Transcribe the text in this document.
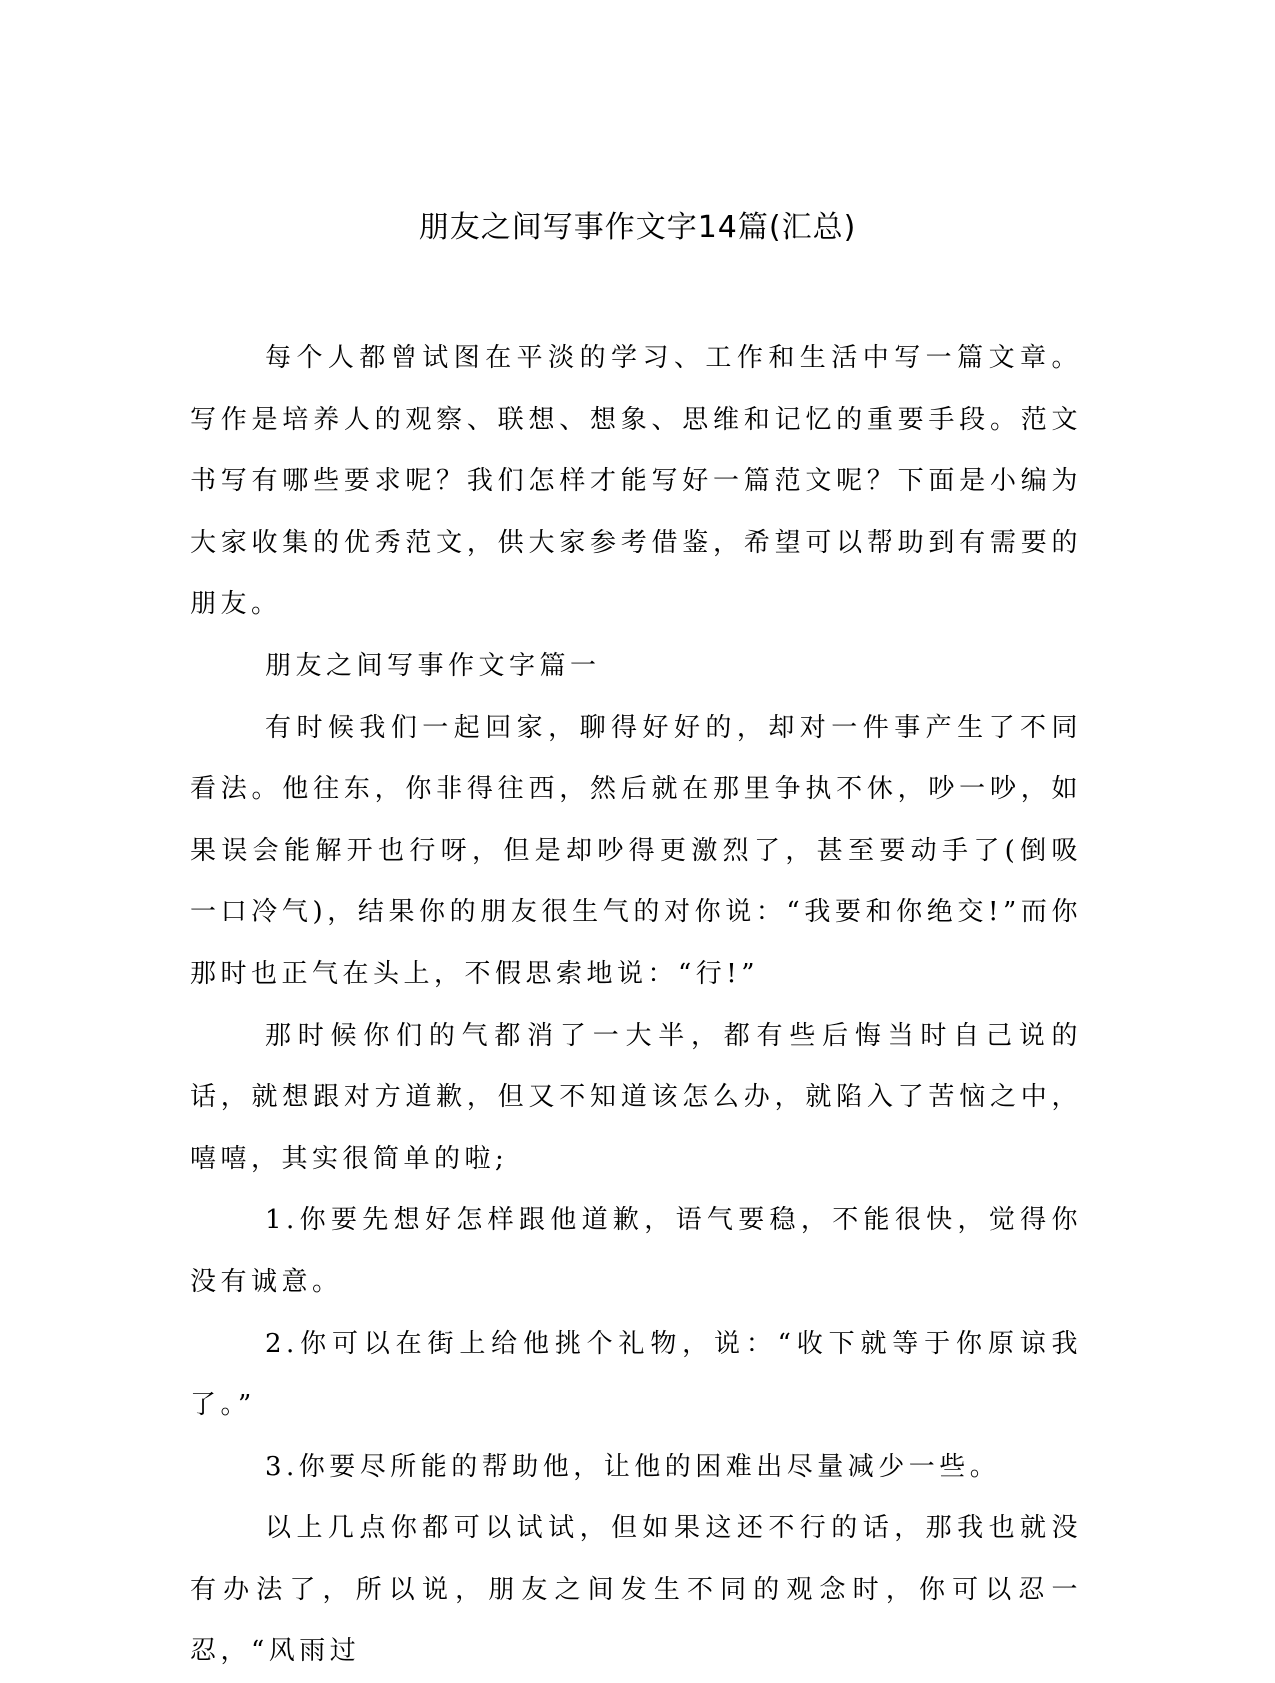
朋友之间写事作文字14篇(汇总)

每个人都曾试图在平淡的学习、工作和生活中写一篇文章。写作是培养人的观察、联想、想象、思维和记忆的重要手段。范文书写有哪些要求呢？我们怎样才能写好一篇范文呢？下面是小编为大家收集的优秀范文，供大家参考借鉴，希望可以帮助到有需要的朋友。

朋友之间写事作文字篇一

有时候我们一起回家，聊得好好的，却对一件事产生了不同看法。他往东，你非得往西，然后就在那里争执不休，吵一吵，如果误会能解开也行呀，但是却吵得更激烈了，甚至要动手了(倒吸一口冷气)，结果你的朋友很生气的对你说：“我要和你绝交!”而你那时也正气在头上，不假思索地说：“行!”

那时候你们的气都消了一大半，都有些后悔当时自己说的话，就想跟对方道歉，但又不知道该怎么办，就陷入了苦恼之中，嘻嘻，其实很简单的啦;

1.你要先想好怎样跟他道歉，语气要稳，不能很快，觉得你没有诚意。

2.你可以在街上给他挑个礼物，说：“收下就等于你原谅我了。”

3.你要尽所能的帮助他，让他的困难出尽量减少一些。

以上几点你都可以试试，但如果这还不行的话，那我也就没有办法了，所以说，朋友之间发生不同的观念时，你可以忍一忍，“风雨过
